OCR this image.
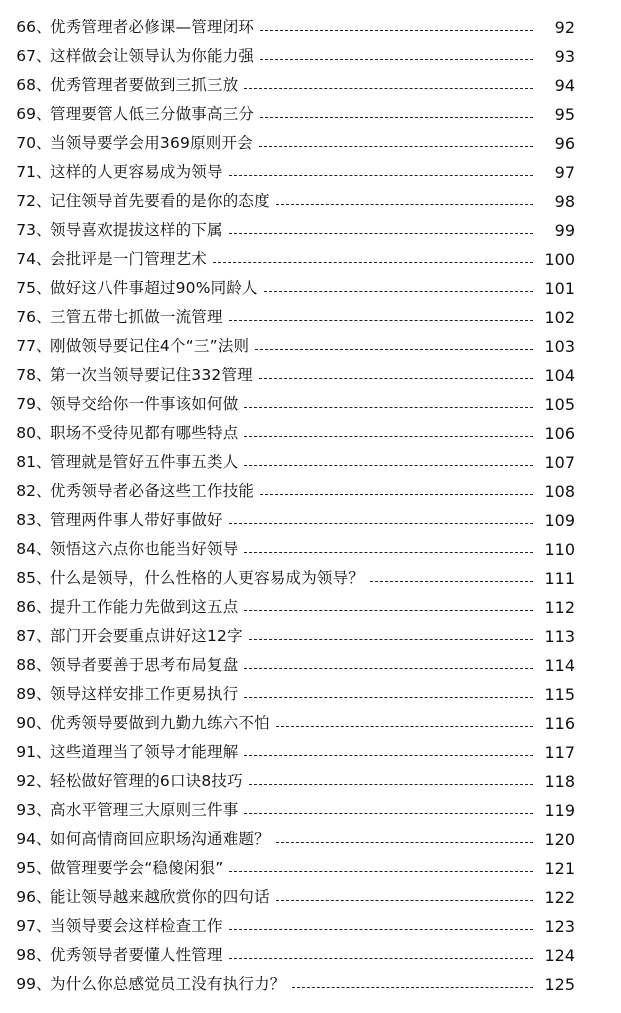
66 、
优秀管理者必修课—管理闭环	92
67 、
这样做会让领导认为你能力强	93
68 、
优秀管理者要做到三抓三放	94
69 、
管理要管人低三分做事高三分	95
70 、
当领导要学会用369原则开会	96
71 、
这样的人更容易成为领导	97
72 、
记住领导首先要看的是你的态度	98
73 、
领导喜欢提拔这样的下属	99
74 、
会批评是一门管理艺术	100
75 、
做好这八件事超过90%同龄人	101
76 、
三管五带七抓做一流管理	102
77 、
刚做领导要记住4个“三”法则	103
78 、
第一次当领导要记住332管理	104
79 、
领导交给你一件事该如何做	105
80 、
职场不受待见都有哪些特点	106
81 、
管理就是管好五件事五类人	107
82 、
优秀领导者必备这些工作技能	108
83 、
管理两件事人带好事做好	109
84 、
领悟这六点你也能当好领导	110
85 、
什么是领导，什么性格的人更容易成为领导？	111
86 、
提升工作能力先做到这五点	112
87 、
部门开会要重点讲好这12字	113
88 、
领导者要善于思考布局复盘	114
89 、
领导这样安排工作更易执行	115
90 、
优秀领导要做到九勤九练六不怕	116
91 、
这些道理当了领导才能理解	117
92 、
轻松做好管理的6口诀8技巧	118
93 、
高水平管理三大原则三件事	119
94 、
如何高情商回应职场沟通难题？	120
95 、
做管理要学会“稳傻闲狠”	121
96 、
能让领导越来越欣赏你的四句话	122
97 、
当领导要会这样检查工作	123
98 、
优秀领导者要懂人性管理	124
99 、
为什么你总感觉员工没有执行力？	125
